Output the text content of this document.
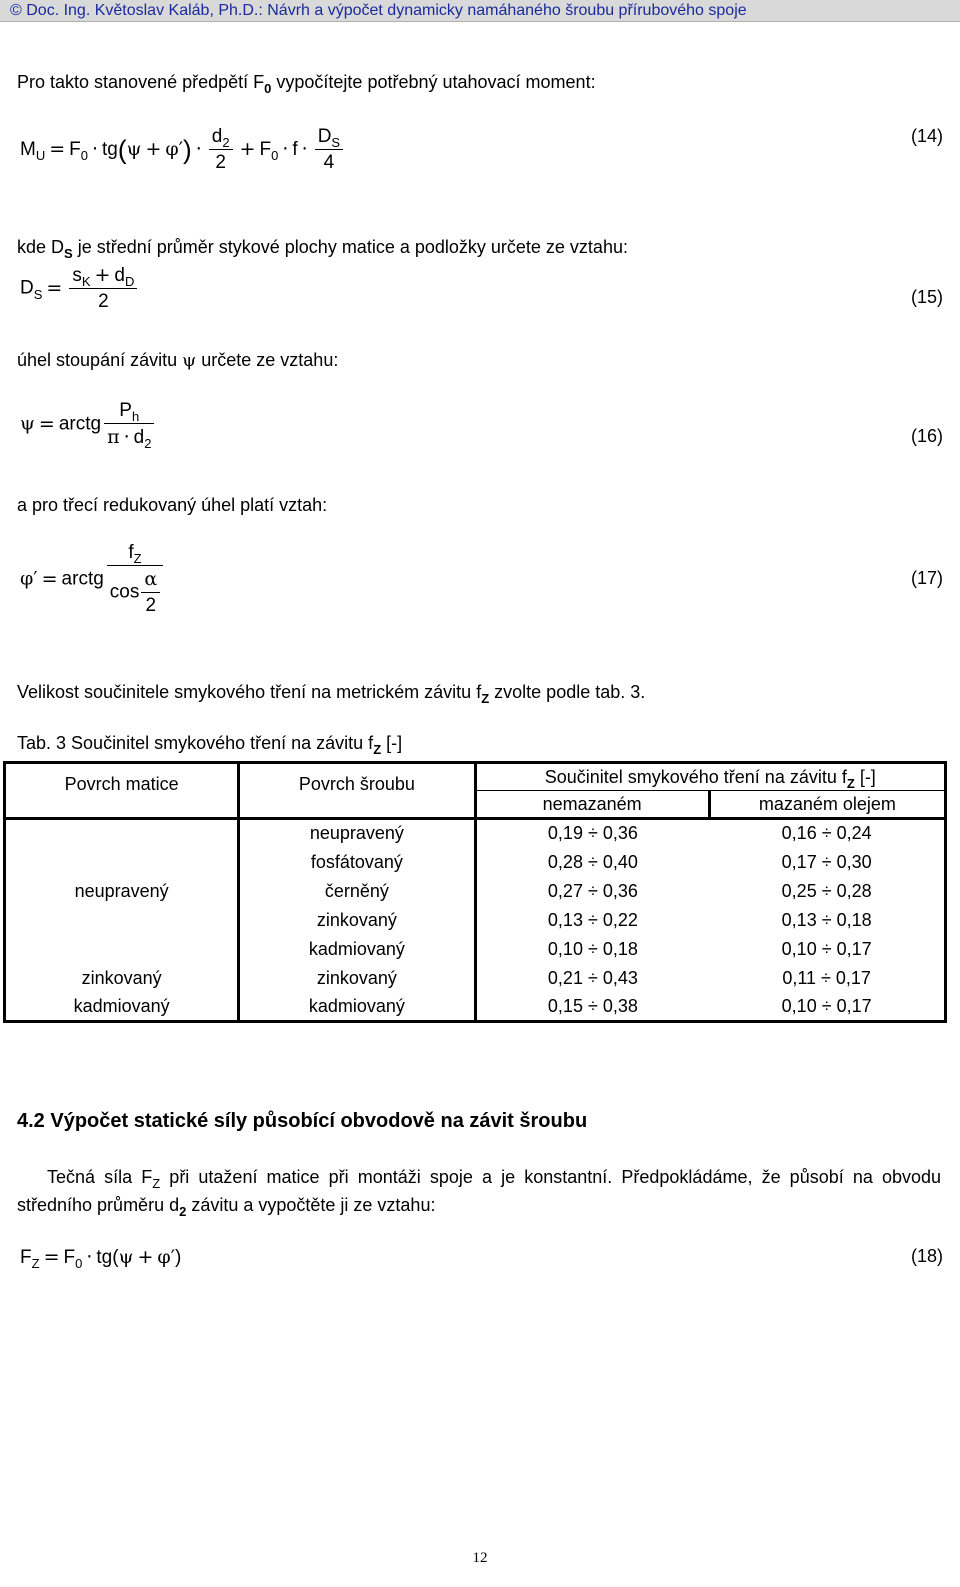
© Doc. Ing. Květoslav Kaláb, Ph.D.: Návrh a výpočet dynamicky namáhaného šroubu přírubového spoje
Pro takto stanovené předpětí $F_0$ vypočítejte potřebný utahovací moment:
$M_U = F_0 \cdot tg(\psi + \varphi') \cdot \frac{d_2}{2} + F_0 \cdot f \cdot \frac{D_S}{4}$	(14)
kde $D_S$ je střední průměr stykové plochy matice a podložky určete ze vztahu:
$D_S = \frac{s_K + d_D}{2}$	(15)
úhel stoupání závitu ψ určete ze vztahu:
ψ = arctg $\frac{P_h}{\pi \cdot d_2}$	(16)
a pro třecí redukovaný úhel platí vztah:
φ′ = arctg $\frac{f_Z}{\cos \frac{\alpha}{2}}$	(17)
Velikost součinitele smykového tření na metrickém závitu $f_Z$ zvolte podle tab. 3.
Tab. 3 Součinitel smykového tření na závitu $f_Z$ [-]
Povrch matice	Povrch šroubu	Součinitel smykového tření na závitu $f_Z$ [-]	
		nemazaném	mazaném olejem
neupravený	neupravený	0,19 ÷ 0,36	0,16 ÷ 0,24
	fosfátovaný	0,28 ÷ 0,40	0,17 ÷ 0,30
	černěný	0,27 ÷ 0,36	0,25 ÷ 0,28
	zinkovaný	0,13 ÷ 0,22	0,13 ÷ 0,18
	kadmiovaný	0,10 ÷ 0,18	0,10 ÷ 0,17
zinkovaný	zinkovaný	0,21 ÷ 0,43	0,11 ÷ 0,17
kadmiovaný	kadmiovaný	0,15 ÷ 0,38	0,10 ÷ 0,17
4.2 Výpočet statické síly působící obvodově na závit šroubu
Tečná síla $F_Z$ při utažení matice při montáži spoje a je konstantní. Předpokládáme, že působí na obvodu středního průměru $d_2$ závitu a vypočtěte ji ze vztahu:
$F_Z = F_0 \cdot tg(\psi + \varphi')$	(18)
12
